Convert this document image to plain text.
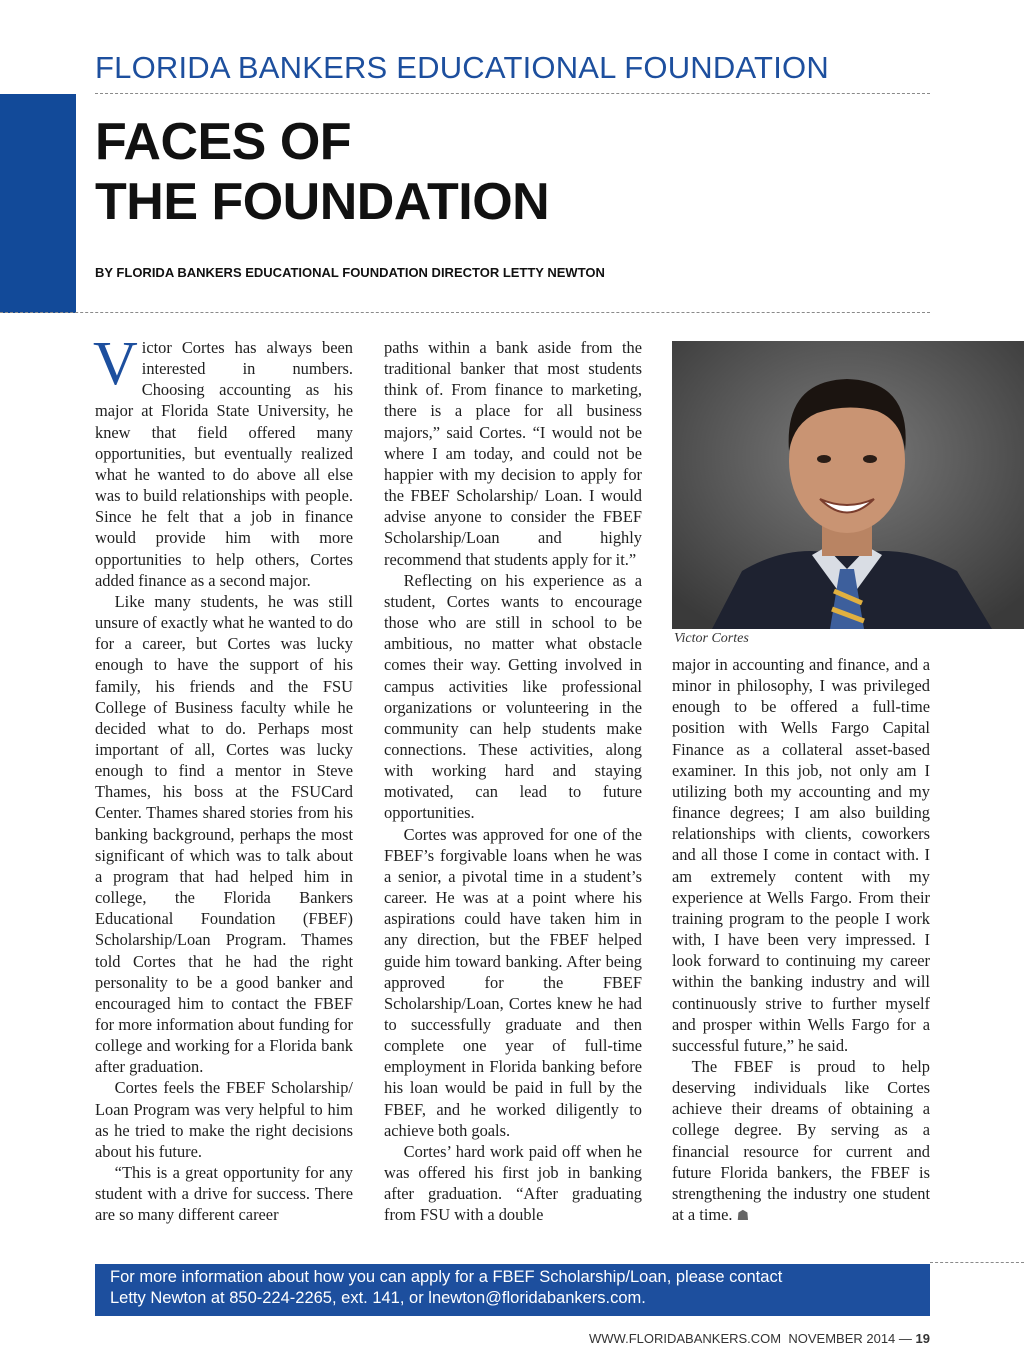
FLORIDA BANKERS EDUCATIONAL FOUNDATION
FACES OF
THE FOUNDATION

BY FLORIDA BANKERS EDUCATIONAL FOUNDATION DIRECTOR LETTY NEWTON

Victor Cortes has always been interested in numbers. Choosing accounting as his major at Florida State University, he knew that field offered many opportunities, but eventually realized what he wanted to do above all else was to build relationships with people. Since he felt that a job in finance would provide him with more opportunities to help others, Cortes added finance as a second major.

Like many students, he was still unsure of exactly what he wanted to do for a career, but Cortes was lucky enough to have the support of his family, his friends and the FSU College of Business faculty while he decided what to do. Perhaps most important of all, Cortes was lucky enough to find a mentor in Steve Thames, his boss at the FSUCard Center. Thames shared stories from his banking background, perhaps the most significant of which was to talk about a program that had helped him in college, the Florida Bankers Educational Foundation (FBEF) Scholarship/Loan Program. Thames told Cortes that he had the right personality to be a good banker and encouraged him to contact the FBEF for more information about funding for college and working for a Florida bank after graduation.

Cortes feels the FBEF Scholarship/ Loan Program was very helpful to him as he tried to make the right decisions about his future.

“This is a great opportunity for any student with a drive for success. There are so many different career

paths within a bank aside from the traditional banker that most students think of. From finance to marketing, there is a place for all business majors,” said Cortes. “I would not be where I am today, and could not be happier with my decision to apply for the FBEF Scholarship/ Loan. I would advise anyone to consider the FBEF Scholarship/Loan and highly recommend that students apply for it.”

Reflecting on his experience as a student, Cortes wants to encourage those who are still in school to be ambitious, no matter what obstacle comes their way. Getting involved in campus activities like professional organizations or volunteering in the community can help students make connections. These activities, along with working hard and staying motivated, can lead to future opportunities.

Cortes was approved for one of the FBEF’s forgivable loans when he was a senior, a pivotal time in a student’s career. He was at a point where his aspirations could have taken him in any direction, but the FBEF helped guide him toward banking. After being approved for the FBEF Scholarship/Loan, Cortes knew he had to successfully graduate and then complete one year of full-time employment in Florida banking before his loan would be paid in full by the FBEF, and he worked diligently to achieve both goals.

Cortes’ hard work paid off when he was offered his first job in banking after graduation. “After graduating from FSU with a double

Victor Cortes

major in accounting and finance, and a minor in philosophy, I was privileged enough to be offered a full-time position with Wells Fargo Capital Finance as a collateral asset-based examiner. In this job, not only am I utilizing both my accounting and my finance degrees; I am also building relationships with clients, coworkers and all those I come in contact with. I am extremely content with my experience at Wells Fargo. From their training program to the people I work with, I have been very impressed. I look forward to continuing my career within the banking industry and will continuously strive to further myself and prosper within Wells Fargo for a successful future,” he said.

The FBEF is proud to help deserving individuals like Cortes achieve their dreams of obtaining a college degree. By serving as a financial resource for current and future Florida bankers, the FBEF is strengthening the industry one student at a time. ☗

For more information about how you can apply for a FBEF Scholarship/Loan, please contact
Letty Newton at 850-224-2265, ext. 141, or lnewton@floridabankers.com.

WWW.FLORIDABANKERS.COM NOVEMBER 2014 — 19
